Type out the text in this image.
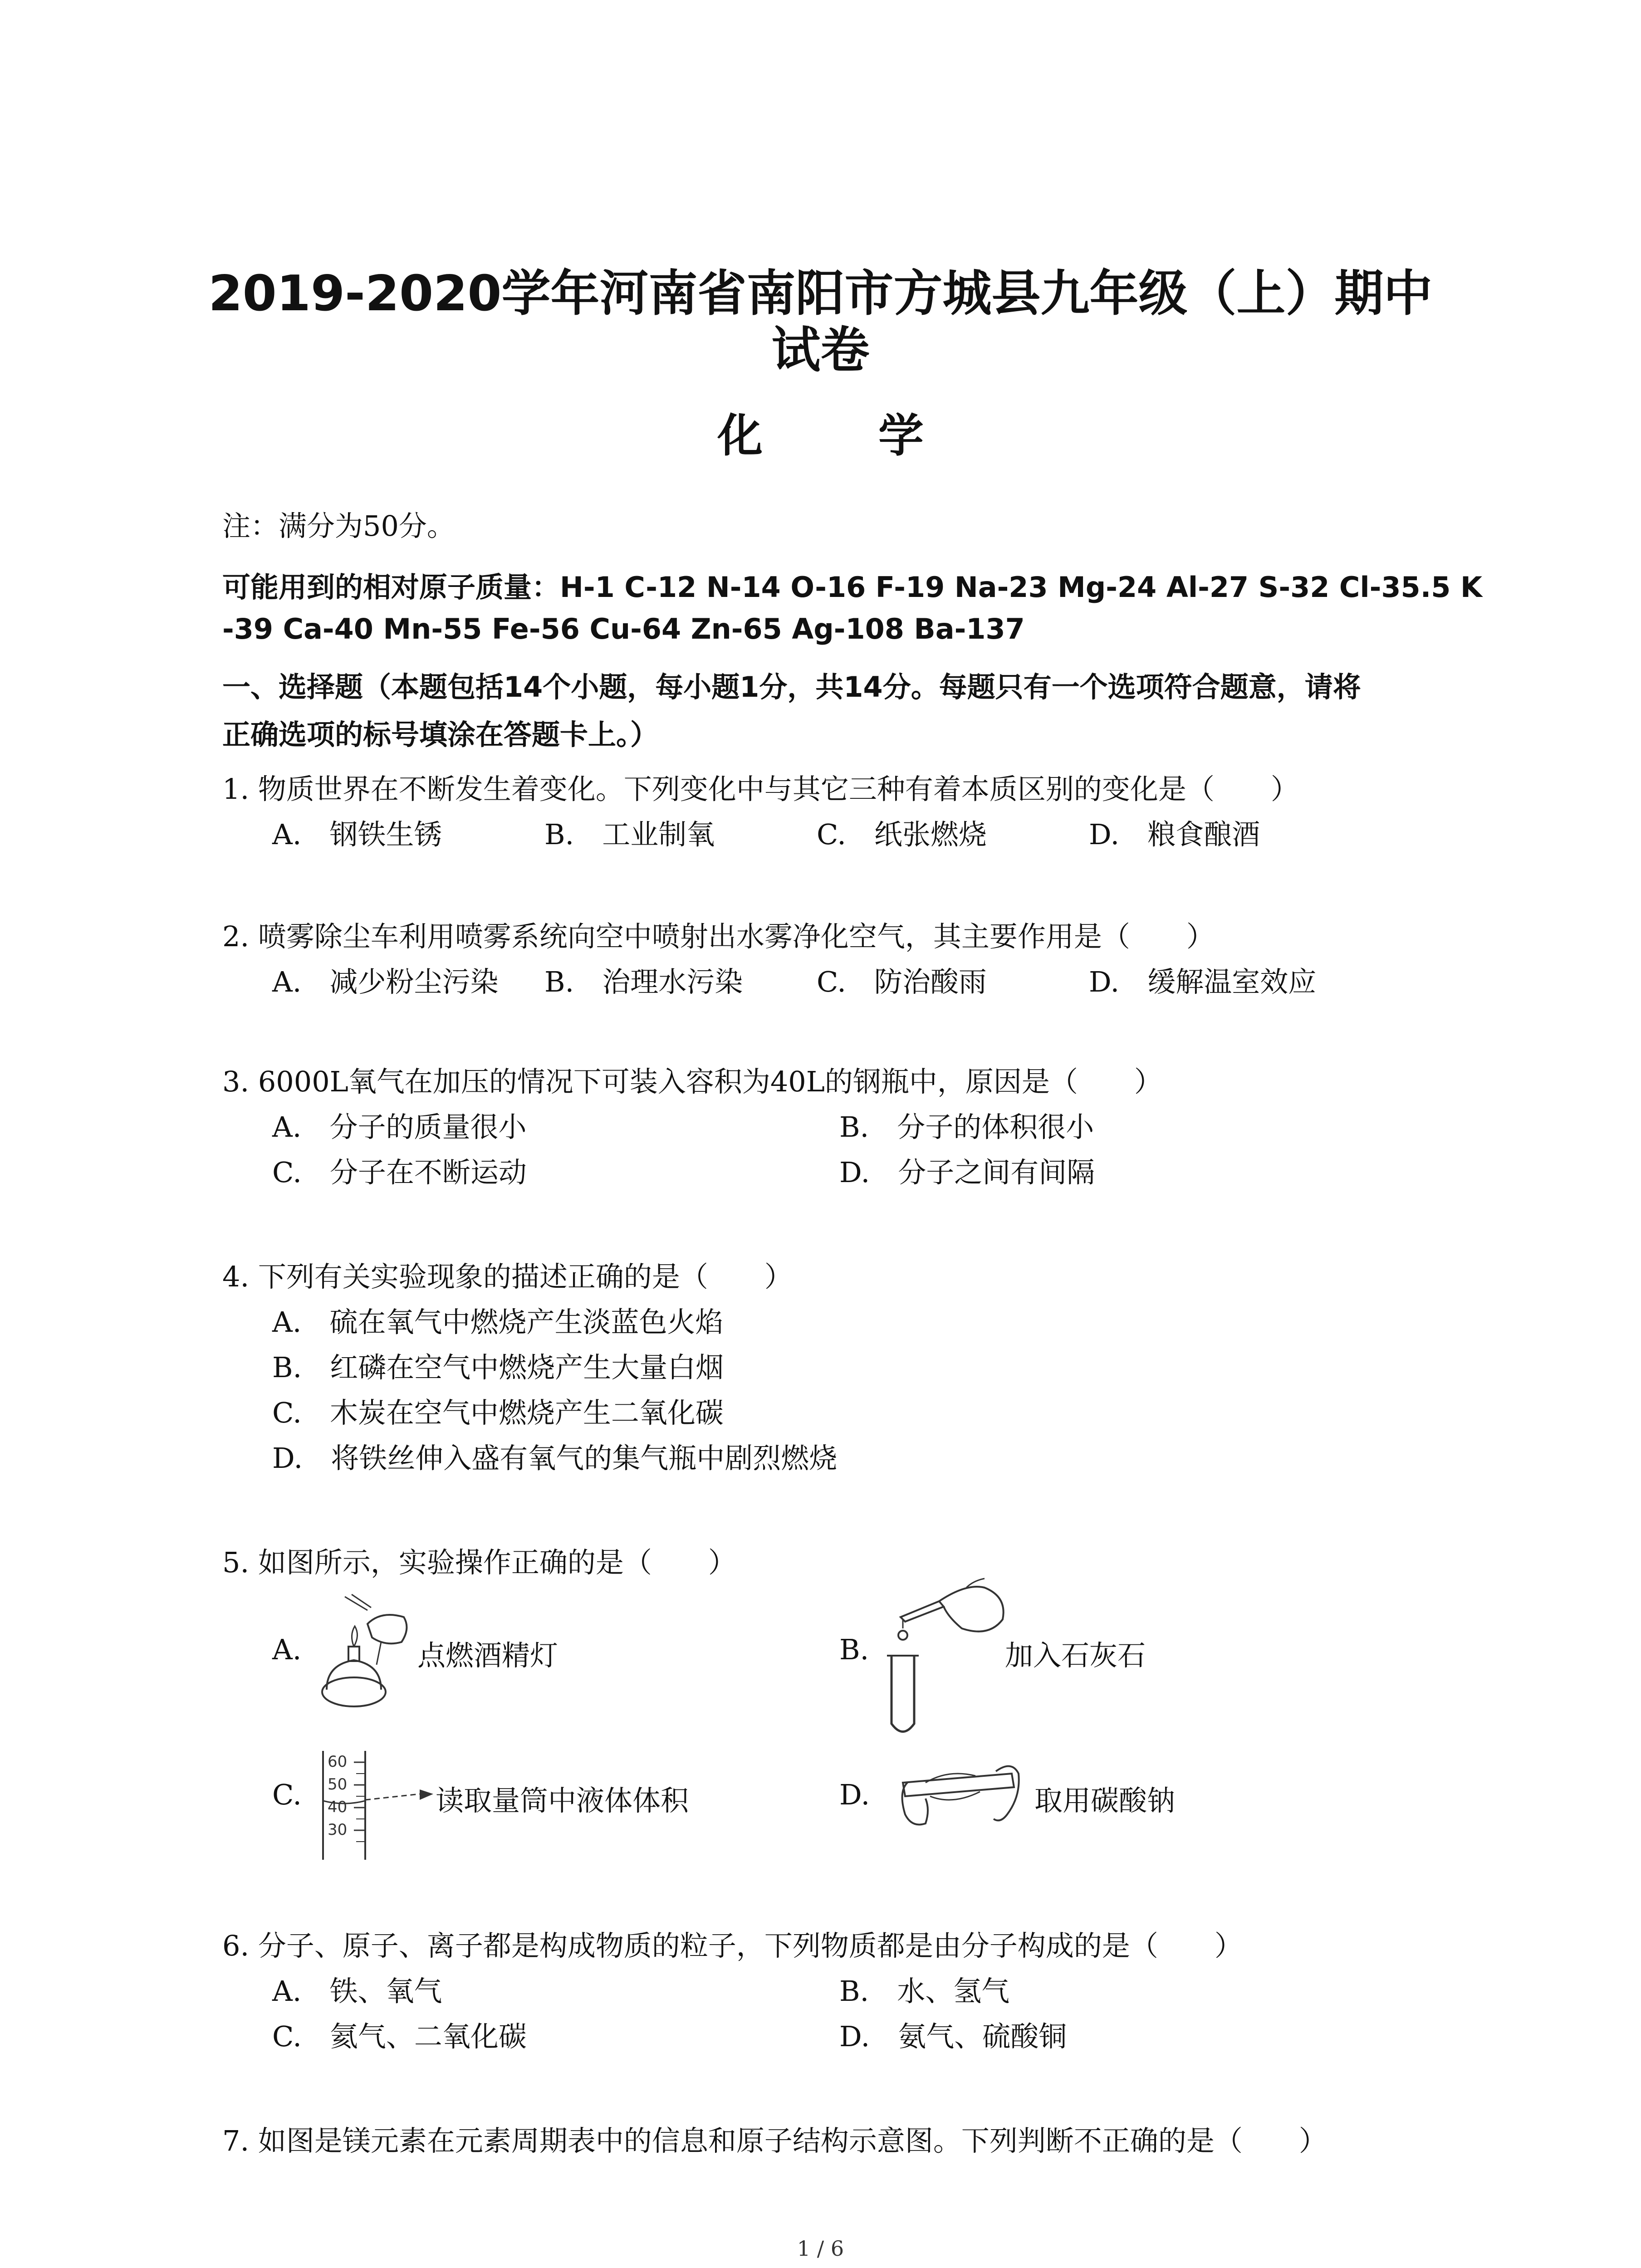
2019-2020学年河南省南阳市方城县九年级（上）期中
试卷
化 学
注：满分为50分。
可能用到的相对原子质量：H-1 C-12 N-14 O-16 F-19 Na-23 Mg-24 Al-27 S-32 Cl-35.5 K
-39 Ca-40 Mn-55 Fe-56 Cu-64 Zn-65 Ag-108 Ba-137
一、选择题（本题包括14个小题，每小题1分，共14分。每题只有一个选项符合题意，请将
正确选项的标号填涂在答题卡上。）
1. 物质世界在不断发生着变化。下列变化中与其它三种有着本质区别的变化是（　　）
A.　钢铁生锈	B.　工业制氧	C.　纸张燃烧	D.　粮食酿酒
2. 喷雾除尘车利用喷雾系统向空中喷射出水雾净化空气，其主要作用是（　　）
A.　减少粉尘污染 B.　治理水污染	C.　防治酸雨	D.　缓解温室效应
3. 6000L氧气在加压的情况下可装入容积为40L的钢瓶中，原因是（　　）
A.　分子的质量很小	B.　分子的体积很小
C.　分子在不断运动	D.　分子之间有间隔
4. 下列有关实验现象的描述正确的是（　　）
A.　硫在氧气中燃烧产生淡蓝色火焰
B.　红磷在空气中燃烧产生大量白烟
C.　木炭在空气中燃烧产生二氧化碳
D.　将铁丝伸入盛有氧气的集气瓶中剧烈燃烧
5. 如图所示，实验操作正确的是（　　）
A.	点燃酒精灯	B.	加入石灰石
C.
60
50
40
30
读取量筒中液体体积	D.	取用碳酸钠
6. 分子、原子、离子都是构成物质的粒子，下列物质都是由分子构成的是（　　）
A.　铁、氧气	B.　水、氢气
C.　氦气、二氧化碳	D.　氨气、硫酸铜
7. 如图是镁元素在元素周期表中的信息和原子结构示意图。下列判断不正确的是（　　）
1 / 6
